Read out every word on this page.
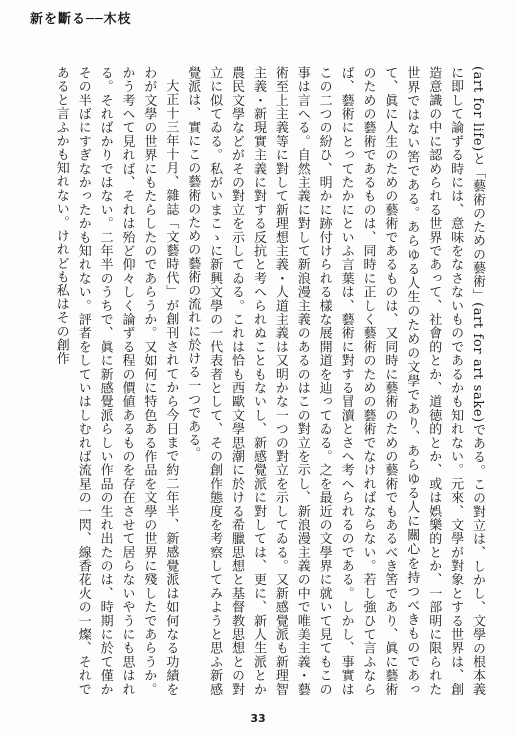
新を斷る──木枝

(art for life)と「藝術のための藝術」(art for art sake)である。この對立は、しかし、文學の根本義に即して論ずる時には、意味をなさないものであるかも知れない。元來、文學が對象とする世界は、創造意識の中に認められる世界であって、社會的とか、道徳的とか、或は娯樂的とか、一部明に限られた世界ではない筈である。あらゆる人生のための文學であり、あらゆる人に關心を持つべきものであって、眞に人生のための藝術であるものは、又同時に藝術のための藝術でもあるべき筈であり、眞に藝術のための藝術であるものは、同時に正しく藝術のための藝術でなければならない。若し強ひて言ふならば、藝術にとってたかにといふ言葉は、藝術に對する冒瀆とさへ考へられるのである。しかし、事實はこの二つの紛ひ、明かに跡付けられる樣な展開道を辿ってゐる。之を最近の文學界に就いて見てもこの事は言へる。自然主義に對して新浪漫主義のあるのはこの對立を示し、新浪漫主義の中で唯美主義・藝術至上主義等に對して新理想主義・人道主義は又明かな一つの對立を示してゐる。又新感覺派も新理智主義・新現實主義に對する反抗と考へられぬこともないし、新感覺派に對しては、更に、新人生派とか農民文學などがその對立を示してゐる。これは恰も西歐文學思潮に於ける希臘思想と基督教思想との對立に似てゐる。私がいまこゝに新興文學の一代表者として、その創作態度を考察してみようと思ふ新感覺派は、實にこの藝術のための藝術の流れに於ける一つである。

大正十三年十月、雜誌「文藝時代」が創刊されてから今日まで約二年半、新感覺派は如何なる功績をわが文學の世界にもたらしたのであらうか。又如何に特色ある作品を文學の世界に殘したであらうか。かう考へて見れば、それは殆ど仰々しく論ずる程の價値あるものを存在させて居らないやうにも思はれる。そればかりではない。二年半のうちで、眞に新感覺派らしい作品の生れ出たのは、時期に於て僅かその半ばにすぎなかったかも知れない。評者をしていはしむれば流星の一閃、線香花火の一燦、それであると言ふかも知れない。けれども私はその創作

33
